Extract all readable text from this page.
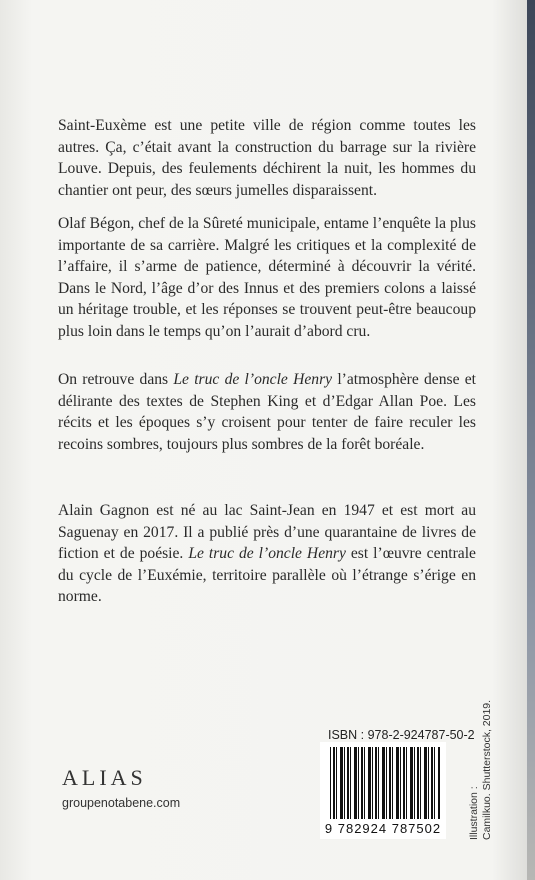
Saint-Euxème est une petite ville de région comme toutes les autres. Ça, c’était avant la construction du barrage sur la rivière Louve. Depuis, des feulements déchirent la nuit, les hommes du chantier ont peur, des sœurs jumelles disparaissent.

Olaf Bégon, chef de la Sûreté municipale, entame l’enquête la plus importante de sa carrière. Malgré les critiques et la complexité de l’affaire, il s’arme de patience, déterminé à découvrir la vérité. Dans le Nord, l’âge d’or des Innus et des premiers colons a laissé un héritage trouble, et les réponses se trouvent peut-être beaucoup plus loin dans le temps qu’on l’aurait d’abord cru.

On retrouve dans Le truc de l’oncle Henry l’atmosphère dense et délirante des textes de Stephen King et d’Edgar Allan Poe. Les récits et les époques s’y croisent pour tenter de faire reculer les recoins sombres, toujours plus sombres de la forêt boréale.

Alain Gagnon est né au lac Saint-Jean en 1947 et est mort au Saguenay en 2017. Il a publié près d’une quarantaine de livres de fiction et de poésie. Le truc de l’oncle Henry est l’œuvre centrale du cycle de l’Euxémie, territoire parallèle où l’étrange s’érige en norme.

ALIAS
groupenotabene.com
ISBN : 978-2-924787-50-2
9 782924 787502	Illustration : Camilkuo. Shutterstock, 2019.
